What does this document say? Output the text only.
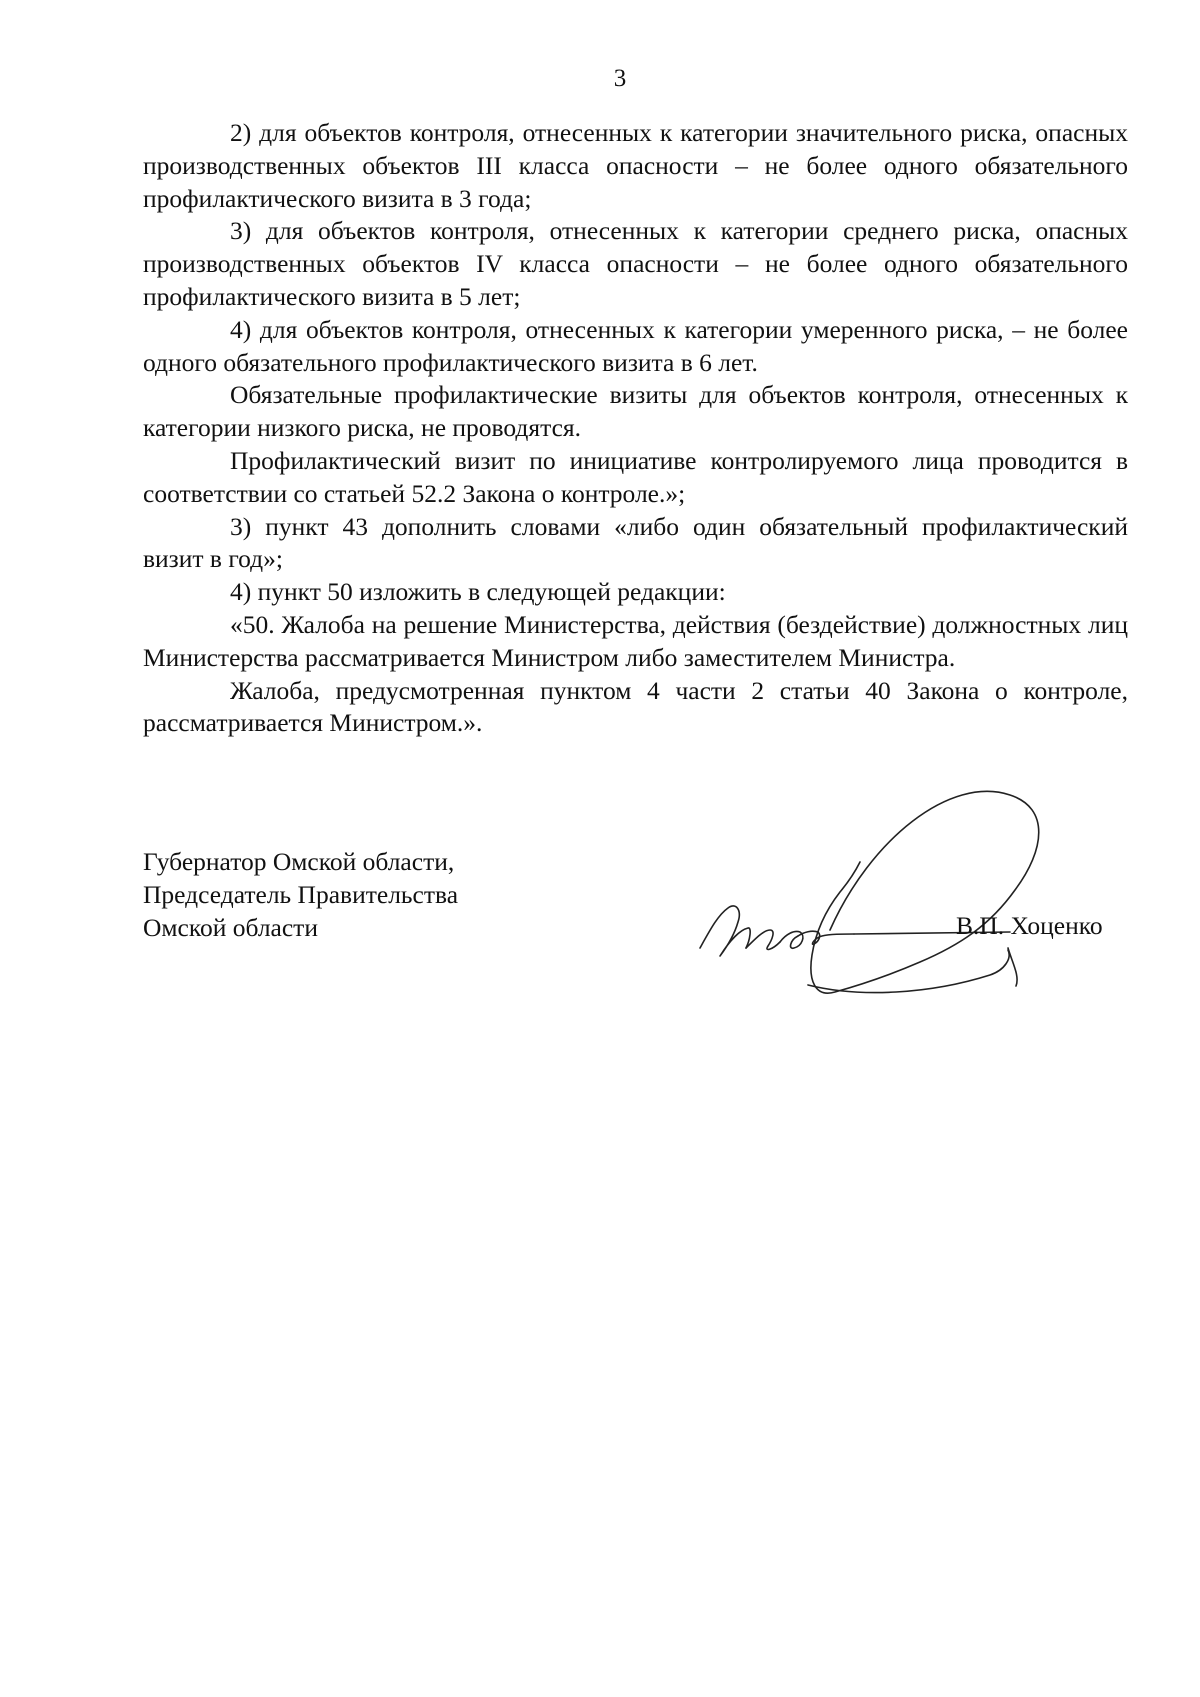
3

2) для объектов контроля, отнесенных к категории значительного риска, опасных производственных объектов III класса опасности – не более одного обязательного профилактического визита в 3 года;

3) для объектов контроля, отнесенных к категории среднего риска, опасных производственных объектов IV класса опасности – не более одного обязательного профилактического визита в 5 лет;

4) для объектов контроля, отнесенных к категории умеренного риска, – не более одного обязательного профилактического визита в 6 лет.

Обязательные профилактические визиты для объектов контроля, отнесенных к категории низкого риска, не проводятся.

Профилактический визит по инициативе контролируемого лица проводится в соответствии со статьей 52.2 Закона о контроле.»;

3) пункт 43 дополнить словами «либо один обязательный профилактический визит в год»;

4) пункт 50 изложить в следующей редакции:

«50. Жалоба на решение Министерства, действия (бездействие) должностных лиц Министерства рассматривается Министром либо заместителем Министра.

Жалоба, предусмотренная пунктом 4 части 2 статьи 40 Закона о контроле, рассматривается Министром.».

Губернатор Омской области,
Председатель Правительства
Омской области	В.П. Хоценко
